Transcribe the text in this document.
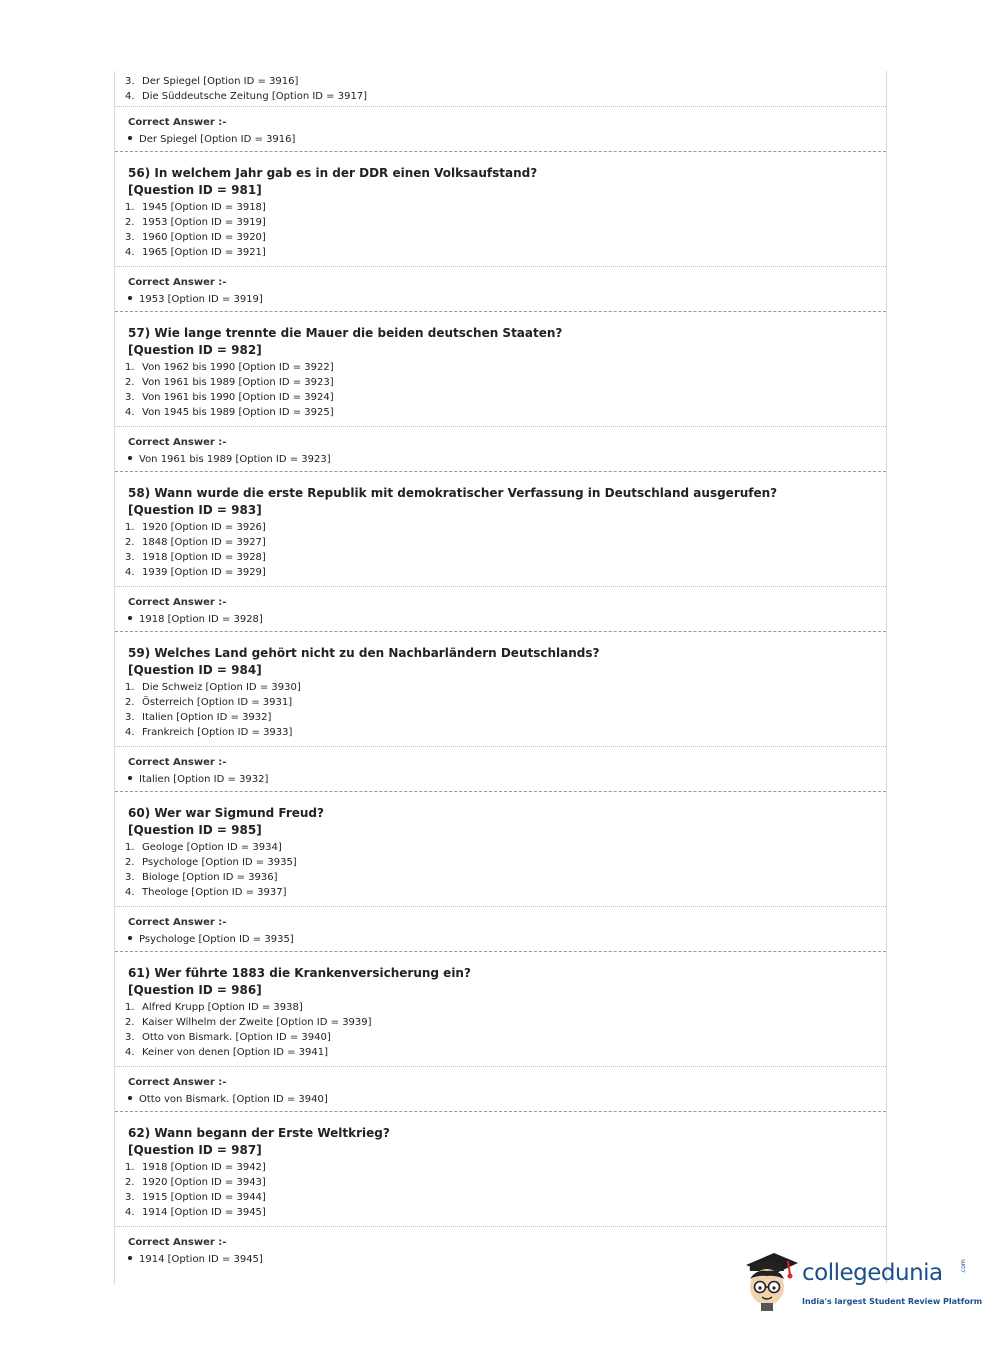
3. Der Spiegel [Option ID = 3916]
4. Die Süddeutsche Zeitung [Option ID = 3917]
Correct Answer :-
Der Spiegel [Option ID = 3916]
56) In welchem Jahr gab es in der DDR einen Volksaufstand?
[Question ID = 981]
1. 1945 [Option ID = 3918]
2. 1953 [Option ID = 3919]
3. 1960 [Option ID = 3920]
4. 1965 [Option ID = 3921]
Correct Answer :-
1953 [Option ID = 3919]
57) Wie lange trennte die Mauer die beiden deutschen Staaten?
[Question ID = 982]
1. Von 1962 bis 1990 [Option ID = 3922]
2. Von 1961 bis 1989 [Option ID = 3923]
3. Von 1961 bis 1990 [Option ID = 3924]
4. Von 1945 bis 1989 [Option ID = 3925]
Correct Answer :-
Von 1961 bis 1989 [Option ID = 3923]
58) Wann wurde die erste Republik mit demokratischer Verfassung in Deutschland ausgerufen?
[Question ID = 983]
1. 1920 [Option ID = 3926]
2. 1848 [Option ID = 3927]
3. 1918 [Option ID = 3928]
4. 1939 [Option ID = 3929]
Correct Answer :-
1918 [Option ID = 3928]
59) Welches Land gehört nicht zu den Nachbarländern Deutschlands?
[Question ID = 984]
1. Die Schweiz [Option ID = 3930]
2. Österreich [Option ID = 3931]
3. Italien [Option ID = 3932]
4. Frankreich [Option ID = 3933]
Correct Answer :-
Italien [Option ID = 3932]
60) Wer war Sigmund Freud?
[Question ID = 985]
1. Geologe [Option ID = 3934]
2. Psychologe [Option ID = 3935]
3. Biologe [Option ID = 3936]
4. Theologe [Option ID = 3937]
Correct Answer :-
Psychologe [Option ID = 3935]
61) Wer führte 1883 die Krankenversicherung ein?
[Question ID = 986]
1. Alfred Krupp [Option ID = 3938]
2. Kaiser Wilhelm der Zweite [Option ID = 3939]
3. Otto von Bismark. [Option ID = 3940]
4. Keiner von denen [Option ID = 3941]
Correct Answer :-
Otto von Bismark. [Option ID = 3940]
62) Wann begann der Erste Weltkrieg?
[Question ID = 987]
1. 1918 [Option ID = 3942]
2. 1920 [Option ID = 3943]
3. 1915 [Option ID = 3944]
4. 1914 [Option ID = 3945]
Correct Answer :-
1914 [Option ID = 3945]
collegedunia	.com
India's largest Student Review Platform
